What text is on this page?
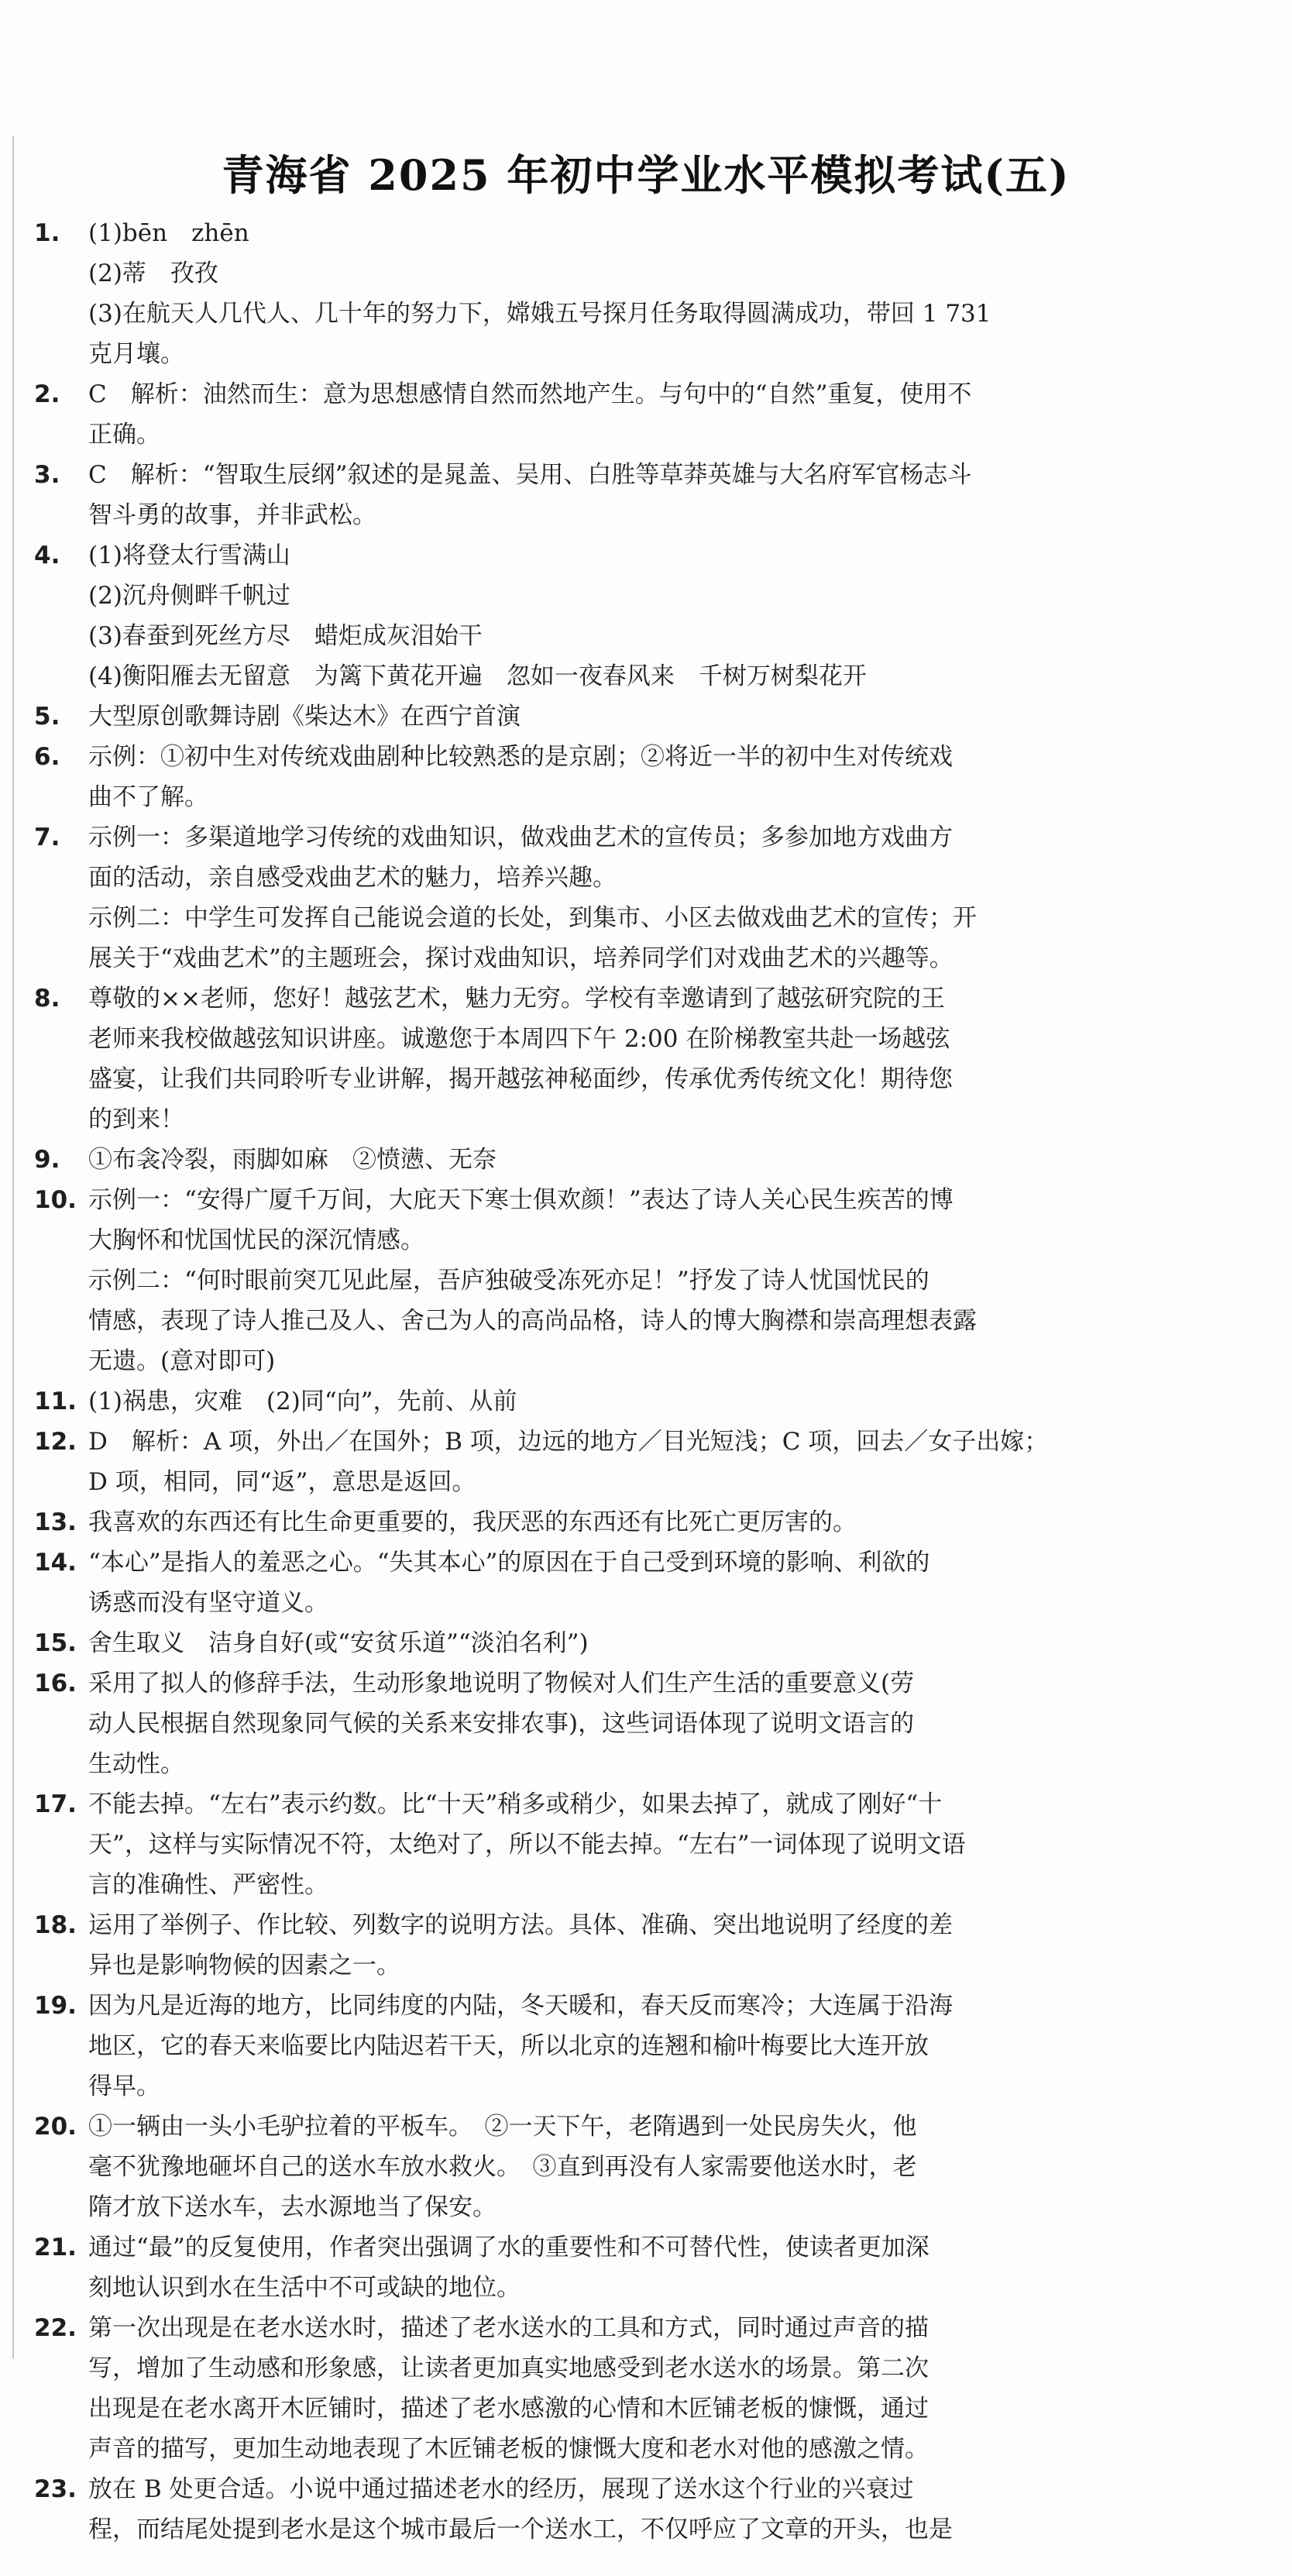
青海省 2025 年初中学业水平模拟考试(五)
1. (1)bēn　zhēn
(2)蒂　孜孜
(3)在航天人几代人、几十年的努力下，嫦娥五号探月任务取得圆满成功，带回 1 731
克月壤。
2. C　解析：油然而生：意为思想感情自然而然地产生。与句中的“自然”重复，使用不
正确。
3. C　解析：“智取生辰纲”叙述的是晁盖、吴用、白胜等草莽英雄与大名府军官杨志斗
智斗勇的故事，并非武松。
4. (1)将登太行雪满山
(2)沉舟侧畔千帆过
(3)春蚕到死丝方尽　蜡炬成灰泪始干
(4)衡阳雁去无留意　为篱下黄花开遍　忽如一夜春风来　千树万树梨花开
5. 大型原创歌舞诗剧《柴达木》在西宁首演
6. 示例：①初中生对传统戏曲剧种比较熟悉的是京剧；②将近一半的初中生对传统戏
曲不了解。
7. 示例一：多渠道地学习传统的戏曲知识，做戏曲艺术的宣传员；多参加地方戏曲方
面的活动，亲自感受戏曲艺术的魅力，培养兴趣。
示例二：中学生可发挥自己能说会道的长处，到集市、小区去做戏曲艺术的宣传；开
展关于“戏曲艺术”的主题班会，探讨戏曲知识，培养同学们对戏曲艺术的兴趣等。
8. 尊敬的××老师，您好！越弦艺术，魅力无穷。学校有幸邀请到了越弦研究院的王
老师来我校做越弦知识讲座。诚邀您于本周四下午 2:00 在阶梯教室共赴一场越弦
盛宴，让我们共同聆听专业讲解，揭开越弦神秘面纱，传承优秀传统文化！期待您
的到来！
9. ①布衾冷裂，雨脚如麻　②愤懑、无奈
10. 示例一：“安得广厦千万间，大庇天下寒士俱欢颜！”表达了诗人关心民生疾苦的博
大胸怀和忧国忧民的深沉情感。
示例二：“何时眼前突兀见此屋，吾庐独破受冻死亦足！”抒发了诗人忧国忧民的
情感，表现了诗人推己及人、舍己为人的高尚品格，诗人的博大胸襟和崇高理想表露
无遗。(意对即可)
11. (1)祸患，灾难　(2)同“向”，先前、从前
12. D　解析：A 项，外出／在国外；B 项，边远的地方／目光短浅；C 项，回去／女子出嫁；
D 项，相同，同“返”，意思是返回。
13. 我喜欢的东西还有比生命更重要的，我厌恶的东西还有比死亡更厉害的。
14. “本心”是指人的羞恶之心。“失其本心”的原因在于自己受到环境的影响、利欲的
诱惑而没有坚守道义。
15. 舍生取义　洁身自好(或“安贫乐道”“淡泊名利”)
16. 采用了拟人的修辞手法，生动形象地说明了物候对人们生产生活的重要意义(劳
动人民根据自然现象同气候的关系来安排农事)，这些词语体现了说明文语言的
生动性。
17. 不能去掉。“左右”表示约数。比“十天”稍多或稍少，如果去掉了，就成了刚好“十
天”，这样与实际情况不符，太绝对了，所以不能去掉。“左右”一词体现了说明文语
言的准确性、严密性。
18. 运用了举例子、作比较、列数字的说明方法。具体、准确、突出地说明了经度的差
异也是影响物候的因素之一。
19. 因为凡是近海的地方，比同纬度的内陆，冬天暖和，春天反而寒冷；大连属于沿海
地区，它的春天来临要比内陆迟若干天，所以北京的连翘和榆叶梅要比大连开放
得早。
20. ①一辆由一头小毛驴拉着的平板车。　②一天下午，老隋遇到一处民房失火，他
毫不犹豫地砸坏自己的送水车放水救火。　③直到再没有人家需要他送水时，老
隋才放下送水车，去水源地当了保安。
21. 通过“最”的反复使用，作者突出强调了水的重要性和不可替代性，使读者更加深
刻地认识到水在生活中不可或缺的地位。
22. 第一次出现是在老水送水时，描述了老水送水的工具和方式，同时通过声音的描
写，增加了生动感和形象感，让读者更加真实地感受到老水送水的场景。第二次
出现是在老水离开木匠铺时，描述了老水感激的心情和木匠铺老板的慷慨，通过
声音的描写，更加生动地表现了木匠铺老板的慷慨大度和老水对他的感激之情。
23. 放在 B 处更合适。小说中通过描述老水的经历，展现了送水这个行业的兴衰过
程，而结尾处提到老水是这个城市最后一个送水工，不仅呼应了文章的开头，也是
